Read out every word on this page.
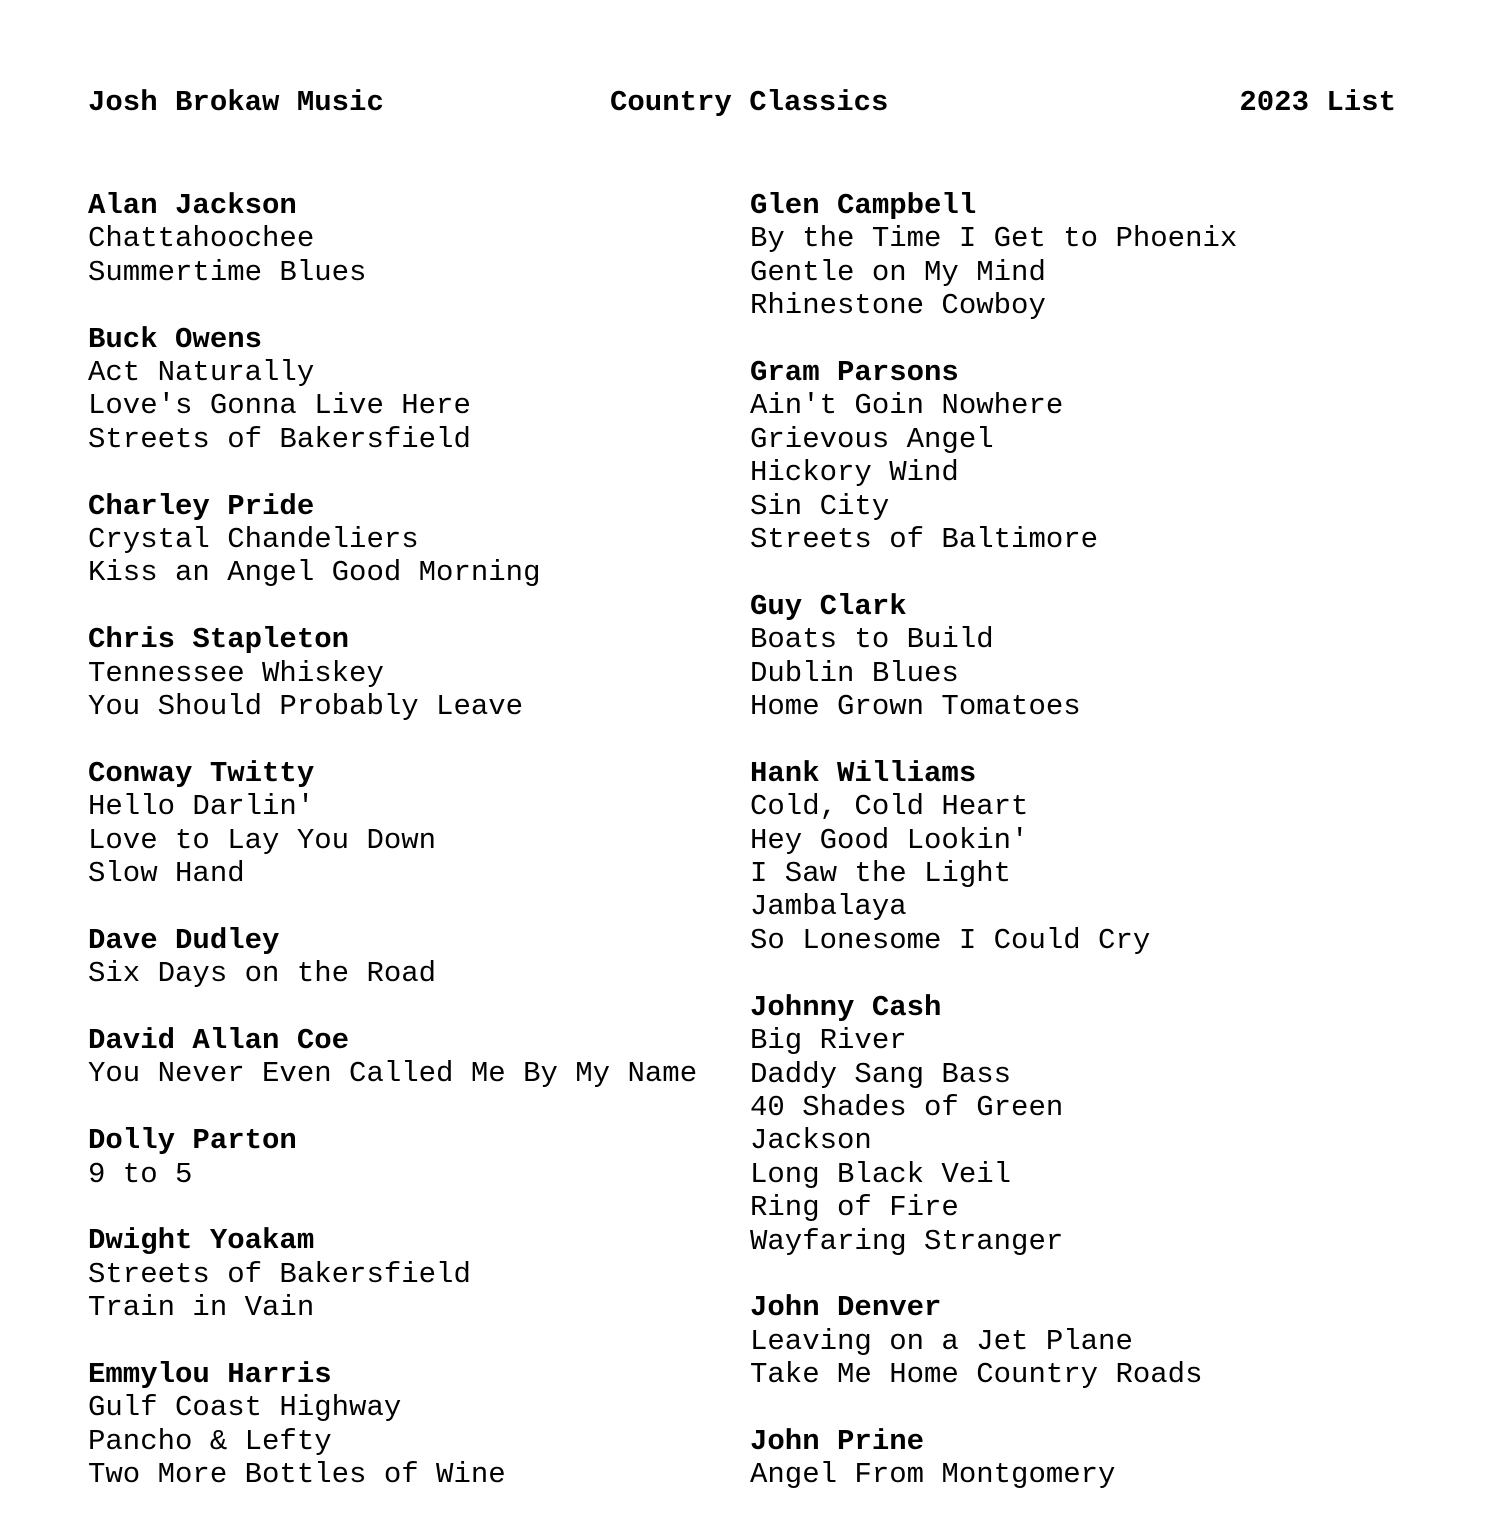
Josh Brokaw Music	Country Classics	2023 List
Alan Jackson
Chattahoochee
Summertime Blues
Buck Owens
Act Naturally
Love's Gonna Live Here
Streets of Bakersfield
Charley Pride
Crystal Chandeliers
Kiss an Angel Good Morning
Chris Stapleton
Tennessee Whiskey
You Should Probably Leave
Conway Twitty
Hello Darlin'
Love to Lay You Down
Slow Hand
Dave Dudley
Six Days on the Road
David Allan Coe
You Never Even Called Me By My Name
Dolly Parton
9 to 5
Dwight Yoakam
Streets of Bakersfield
Train in Vain
Emmylou Harris
Gulf Coast Highway
Pancho & Lefty
Two More Bottles of Wine
Glen Campbell
By the Time I Get to Phoenix
Gentle on My Mind
Rhinestone Cowboy
Gram Parsons
Ain't Goin Nowhere
Grievous Angel
Hickory Wind
Sin City
Streets of Baltimore
Guy Clark
Boats to Build
Dublin Blues
Home Grown Tomatoes
Hank Williams
Cold, Cold Heart
Hey Good Lookin'
I Saw the Light
Jambalaya
So Lonesome I Could Cry
Johnny Cash
Big River
Daddy Sang Bass
40 Shades of Green
Jackson
Long Black Veil
Ring of Fire
Wayfaring Stranger
John Denver
Leaving on a Jet Plane
Take Me Home Country Roads
John Prine
Angel From Montgomery
